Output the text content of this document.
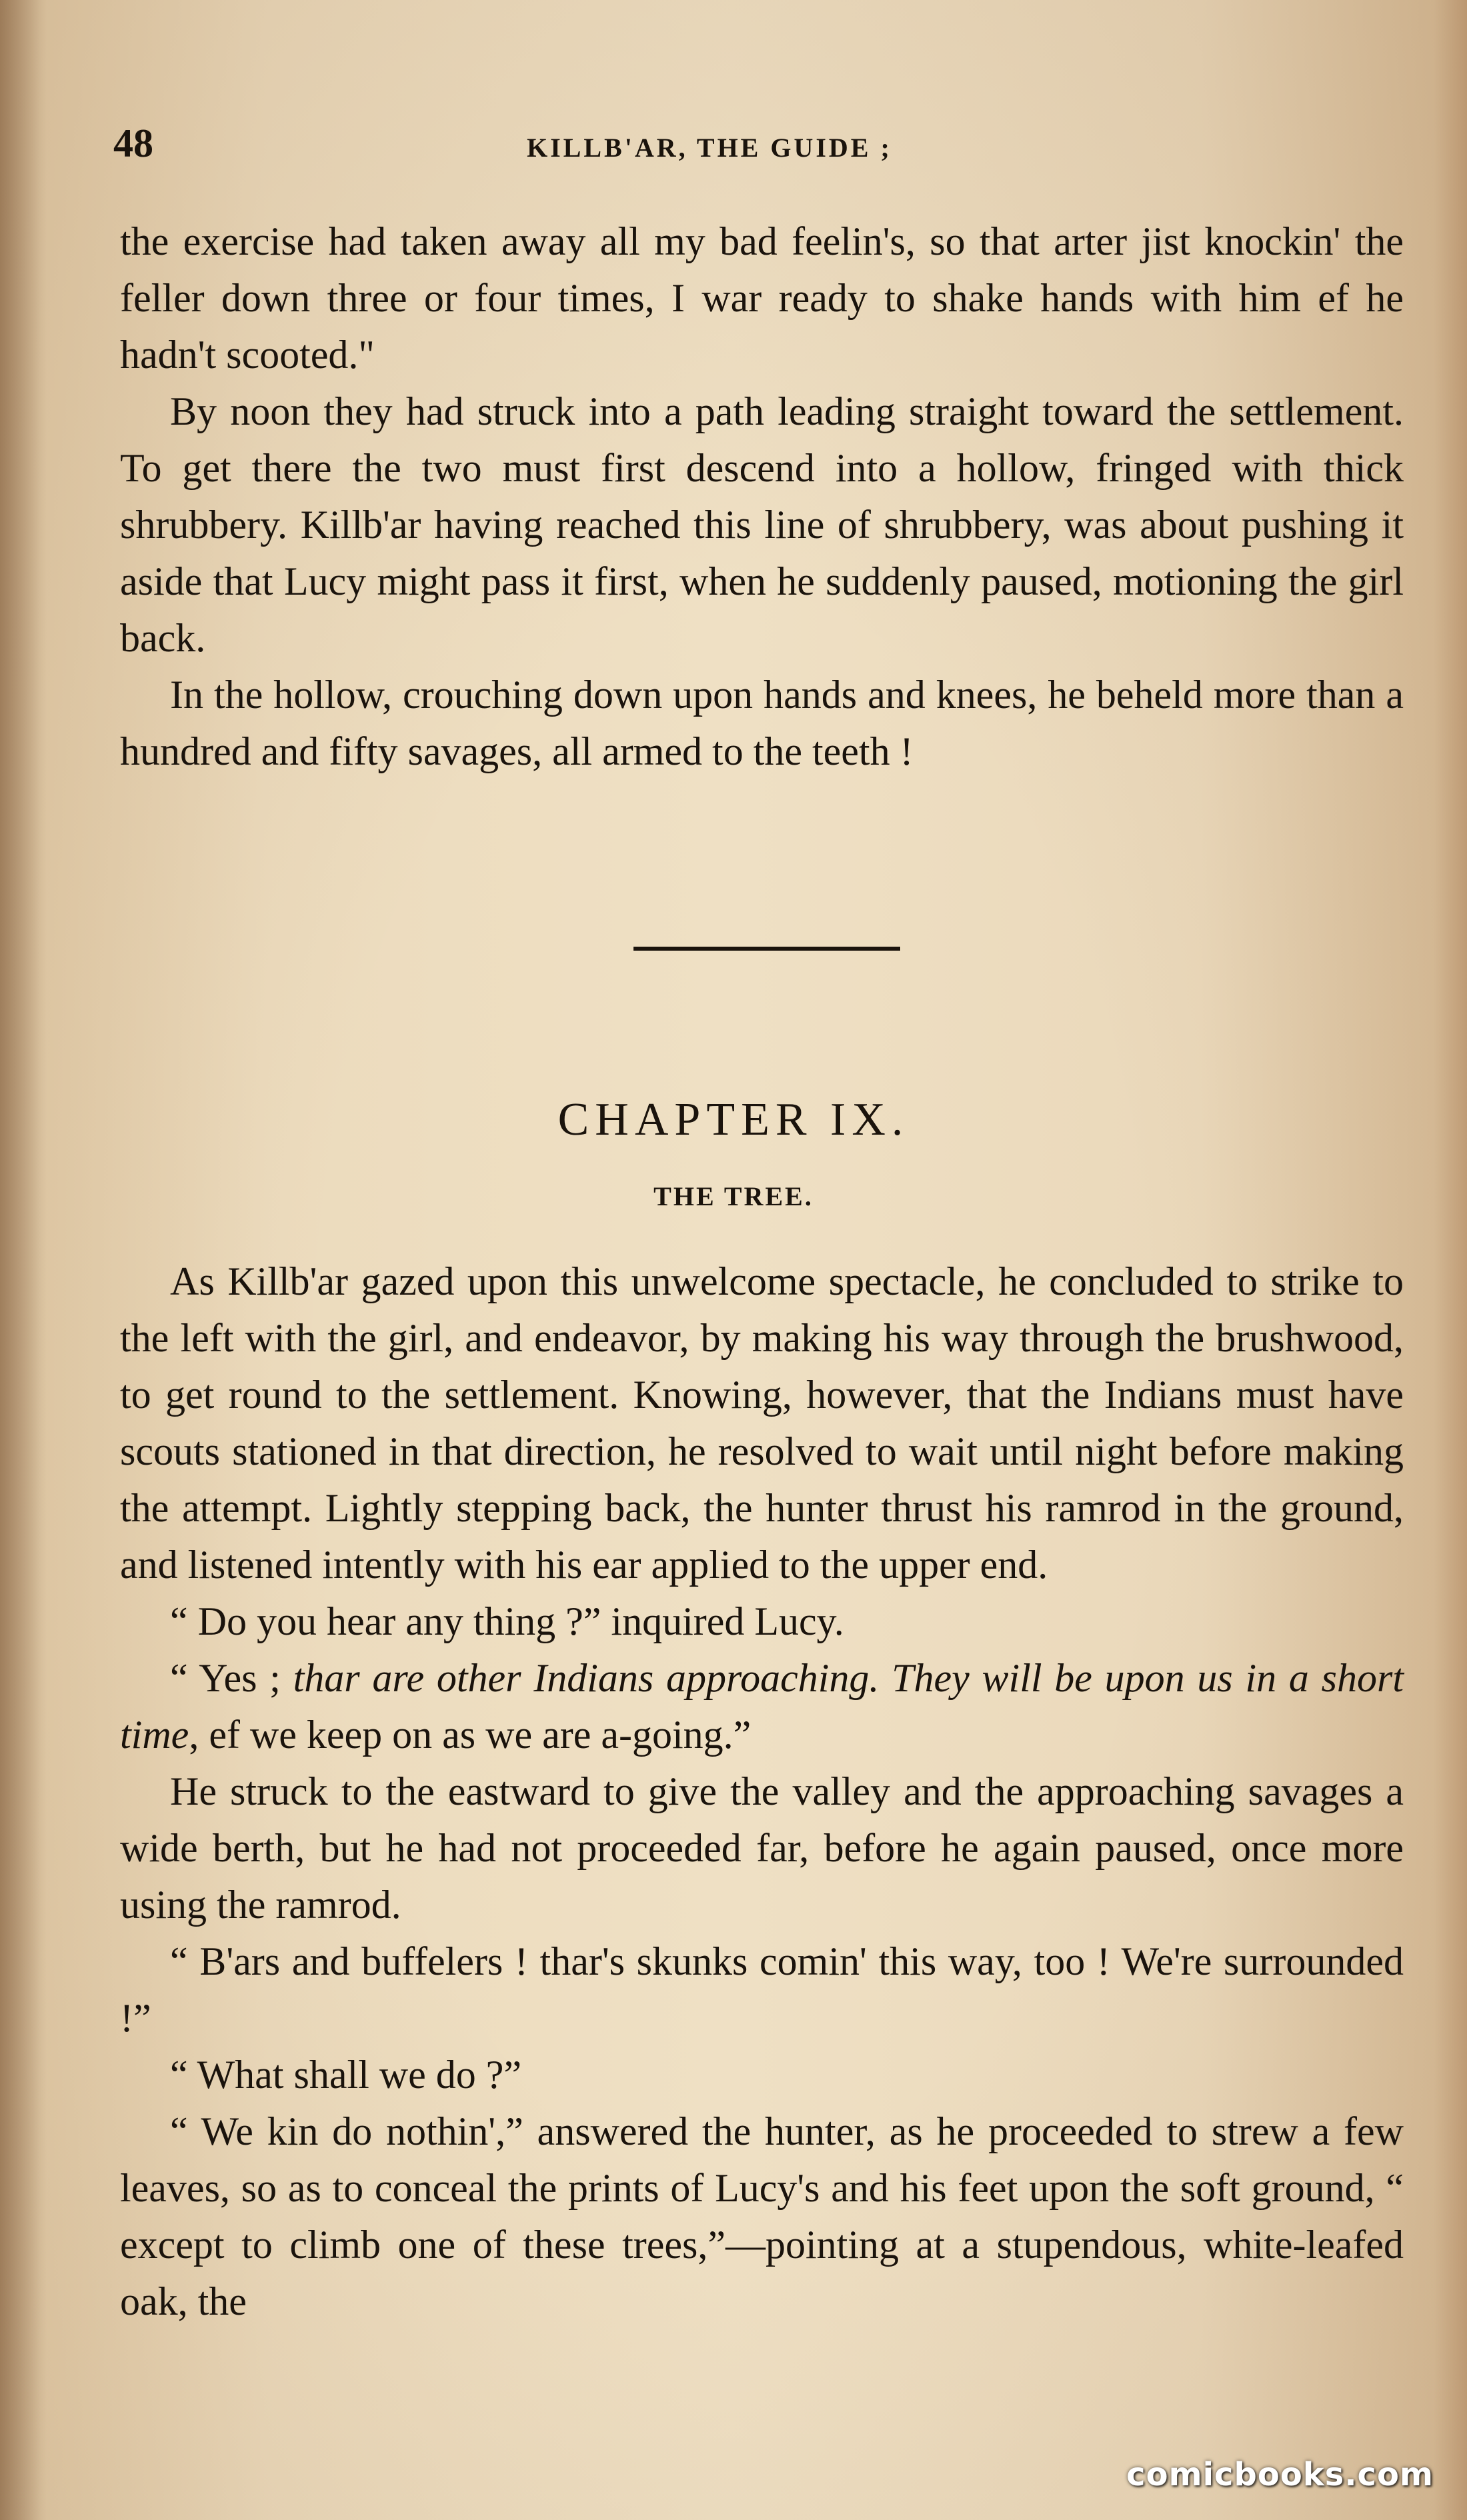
48	KILLB'AR, THE GUIDE ;

the exercise had taken away all my bad feelin's, so that arter jist knockin' the feller down three or four times, I war ready to shake hands with him ef he hadn't scooted."

By noon they had struck into a path leading straight toward the settlement. To get there the two must first descend into a hollow, fringed with thick shrubbery. Killb'ar having reached this line of shrubbery, was about pushing it aside that Lucy might pass it first, when he suddenly paused, motioning the girl back.

In the hollow, crouching down upon hands and knees, he beheld more than a hundred and fifty savages, all armed to the teeth !

CHAPTER IX.
THE TREE.

As Killb'ar gazed upon this unwelcome spectacle, he concluded to strike to the left with the girl, and endeavor, by making his way through the brushwood, to get round to the settlement. Knowing, however, that the Indians must have scouts stationed in that direction, he resolved to wait until night before making the attempt. Lightly stepping back, the hunter thrust his ramrod in the ground, and listened intently with his ear applied to the upper end.

“ Do you hear any thing ?” inquired Lucy.

“ Yes ; thar are other Indians approaching. They will be upon us in a short time, ef we keep on as we are a-going.”

He struck to the eastward to give the valley and the approaching savages a wide berth, but he had not proceeded far, before he again paused, once more using the ramrod.

“ B'ars and buffelers ! thar's skunks comin' this way, too ! We're surrounded !”

“ What shall we do ?”

“ We kin do nothin',” answered the hunter, as he proceeded to strew a few leaves, so as to conceal the prints of Lucy's and his feet upon the soft ground, “ except to climb one of these trees,”—pointing at a stupendous, white-leafed oak, the

comicbooks.com
